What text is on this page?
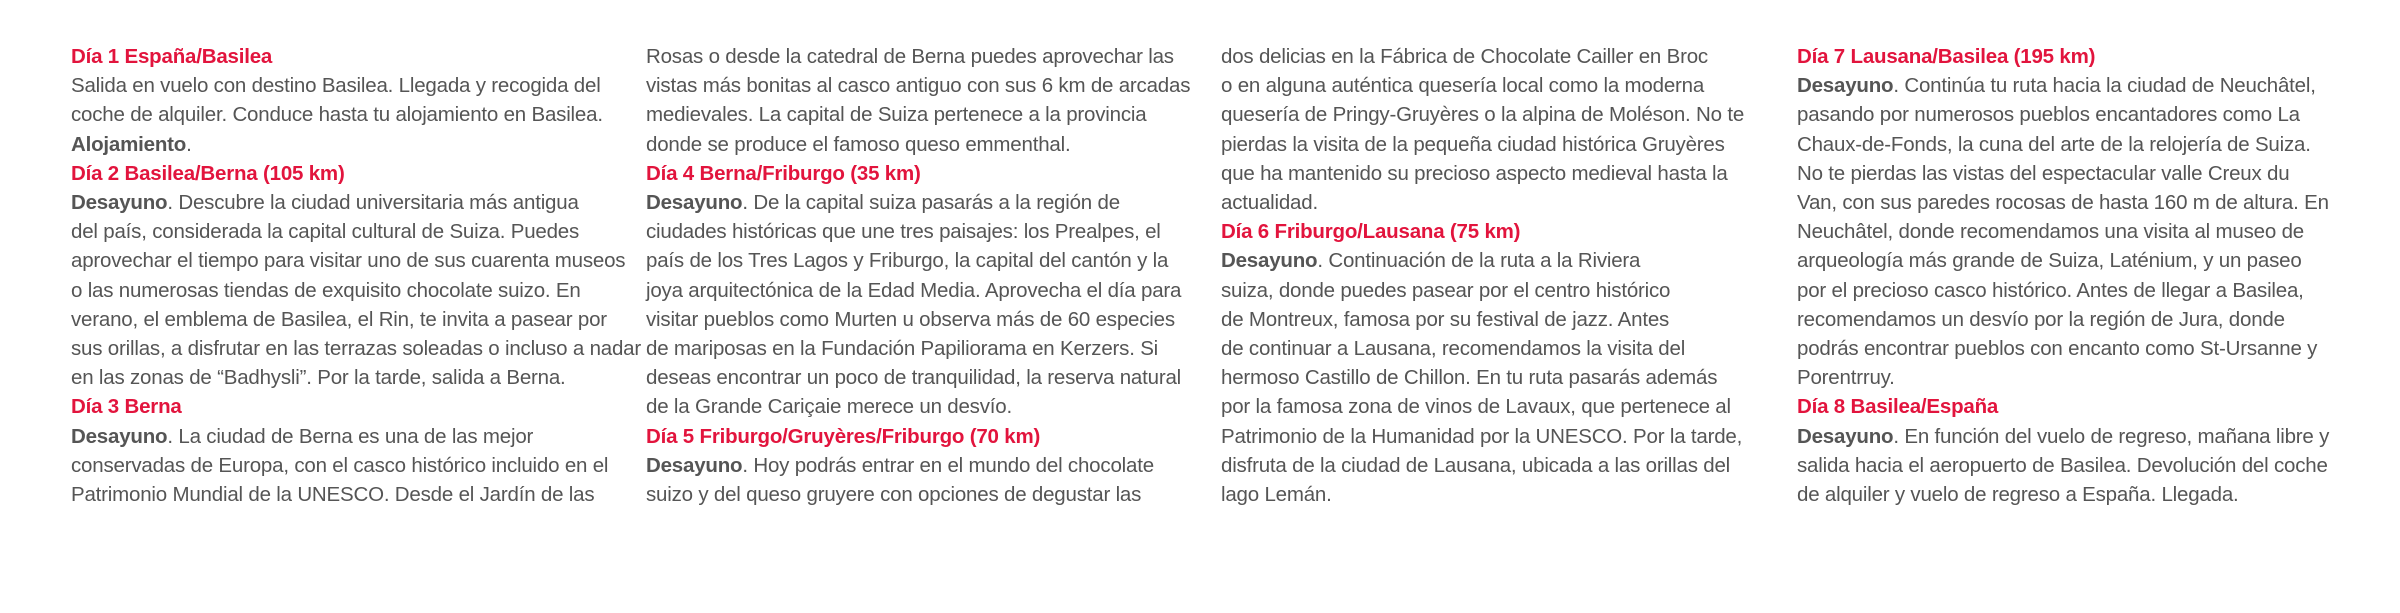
Día 1 España/Basilea

Salida en vuelo con destino Basilea. Llegada y recogida del

coche de alquiler. Conduce hasta tu alojamiento en Basilea.

Alojamiento.

Día 2 Basilea/Berna (105 km)

Desayuno. Descubre la ciudad universitaria más antigua

del país, considerada la capital cultural de Suiza. Puedes

aprovechar el tiempo para visitar uno de sus cuarenta museos

o las numerosas tiendas de exquisito chocolate suizo. En

verano, el emblema de Basilea, el Rin, te invita a pasear por

sus orillas, a disfrutar en las terrazas soleadas o incluso a nadar

en las zonas de “Badhysli”. Por la tarde, salida a Berna.

Día 3 Berna

Desayuno. La ciudad de Berna es una de las mejor

conservadas de Europa, con el casco histórico incluido en el

Patrimonio Mundial de la UNESCO. Desde el Jardín de las

Rosas o desde la catedral de Berna puedes aprovechar las

vistas más bonitas al casco antiguo con sus 6 km de arcadas

medievales. La capital de Suiza pertenece a la provincia

donde se produce el famoso queso emmenthal.

Día 4 Berna/Friburgo (35 km)

Desayuno. De la capital suiza pasarás a la región de

ciudades históricas que une tres paisajes: los Prealpes, el

país de los Tres Lagos y Friburgo, la capital del cantón y la

joya arquitectónica de la Edad Media. Aprovecha el día para

visitar pueblos como Murten u observa más de 60 especies

de mariposas en la Fundación Papiliorama en Kerzers. Si

deseas encontrar un poco de tranquilidad, la reserva natural

de la Grande Cariçaie merece un desvío.

Día 5 Friburgo/Gruyères/Friburgo (70 km)

Desayuno. Hoy podrás entrar en el mundo del chocolate

suizo y del queso gruyere con opciones de degustar las

dos delicias en la Fábrica de Chocolate Cailler en Broc

o en alguna auténtica quesería local como la moderna

quesería de Pringy-Gruyères o la alpina de Moléson. No te

pierdas la visita de la pequeña ciudad histórica Gruyères

que ha mantenido su precioso aspecto medieval hasta la

actualidad.

Día 6 Friburgo/Lausana (75 km)

Desayuno. Continuación de la ruta a la Riviera

suiza, donde puedes pasear por el centro histórico

de Montreux, famosa por su festival de jazz. Antes

de continuar a Lausana, recomendamos la visita del

hermoso Castillo de Chillon. En tu ruta pasarás además

por la famosa zona de vinos de Lavaux, que pertenece al

Patrimonio de la Humanidad por la UNESCO. Por la tarde,

disfruta de la ciudad de Lausana, ubicada a las orillas del

lago Lemán.

Día 7 Lausana/Basilea (195 km)

Desayuno. Continúa tu ruta hacia la ciudad de Neuchâtel,

pasando por numerosos pueblos encantadores como La

Chaux-de-Fonds, la cuna del arte de la relojería de Suiza.

No te pierdas las vistas del espectacular valle Creux du

Van, con sus paredes rocosas de hasta 160 m de altura. En

Neuchâtel, donde recomendamos una visita al museo de

arqueología más grande de Suiza, Laténium, y un paseo

por el precioso casco histórico. Antes de llegar a Basilea,

recomendamos un desvío por la región de Jura, donde

podrás encontrar pueblos con encanto como St-Ursanne y

Porentrruy.

Día 8 Basilea/España

Desayuno. En función del vuelo de regreso, mañana libre y

salida hacia el aeropuerto de Basilea. Devolución del coche

de alquiler y vuelo de regreso a España. Llegada.
